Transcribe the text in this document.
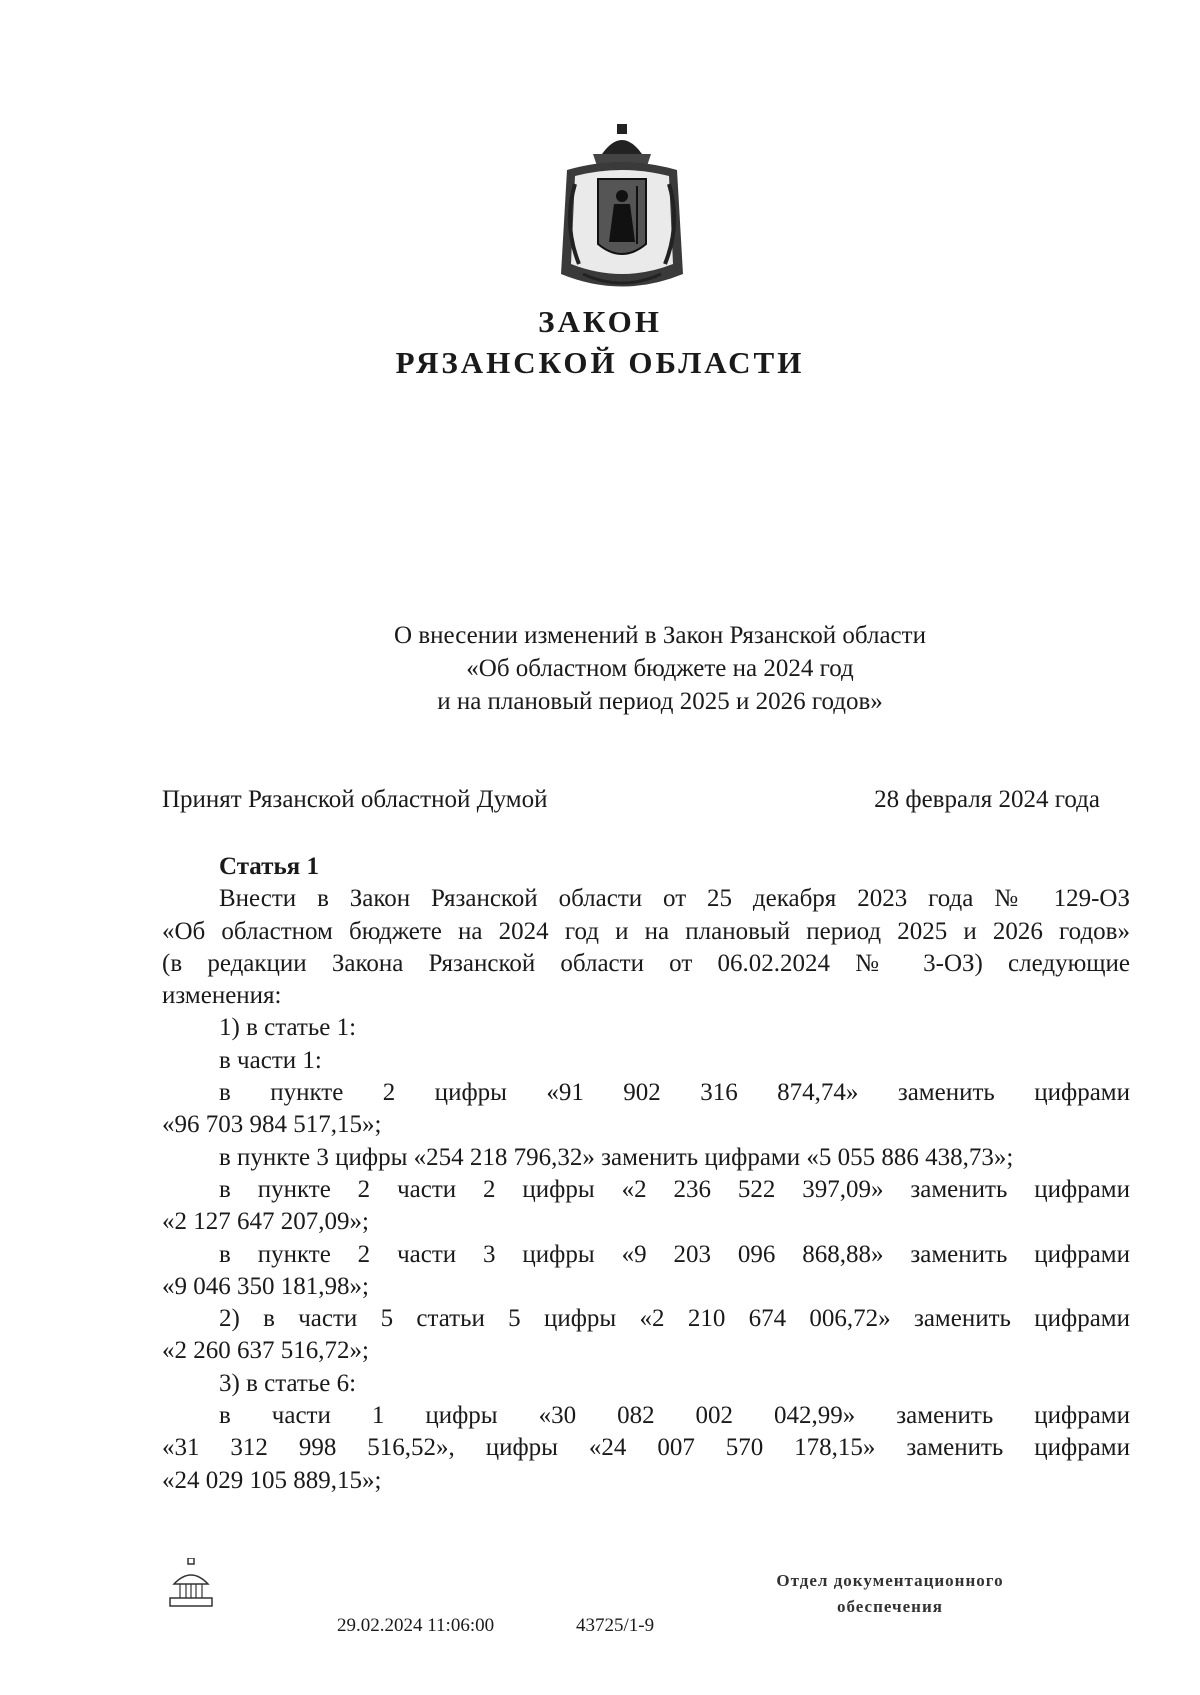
ЗАКОН
РЯЗАНСКОЙ ОБЛАСТИ
О внесении изменений в Закон Рязанской области
«Об областном бюджете на 2024 год
и на плановый период 2025 и 2026 годов»
Принят Рязанской областной Думой	28 февраля 2024 года
Статья 1
Внести в Закон Рязанской области от 25 декабря 2023 года № 129-ОЗ
«Об областном бюджете на 2024 год и на плановый период 2025 и 2026 годов»
(в редакции Закона Рязанской области от 06.02.2024 № 3-ОЗ) следующие
изменения:
1) в статье 1:
в части 1:
в пункте 2 цифры «91 902 316 874,74» заменить цифрами
«96 703 984 517,15»;
в пункте 3 цифры «254 218 796,32» заменить цифрами «5 055 886 438,73»;
в пункте 2 части 2 цифры «2 236 522 397,09» заменить цифрами
«2 127 647 207,09»;
в пункте 2 части 3 цифры «9 203 096 868,88» заменить цифрами
«9 046 350 181,98»;
2) в части 5 статьи 5 цифры «2 210 674 006,72» заменить цифрами
«2 260 637 516,72»;
3) в статье 6:
в части 1 цифры «30 082 002 042,99» заменить цифрами
«31 312 998 516,52», цифры «24 007 570 178,15» заменить цифрами
«24 029 105 889,15»;
29.02.2024 11:06:00	43725/1-9
Отдел документационного
обеспечения
